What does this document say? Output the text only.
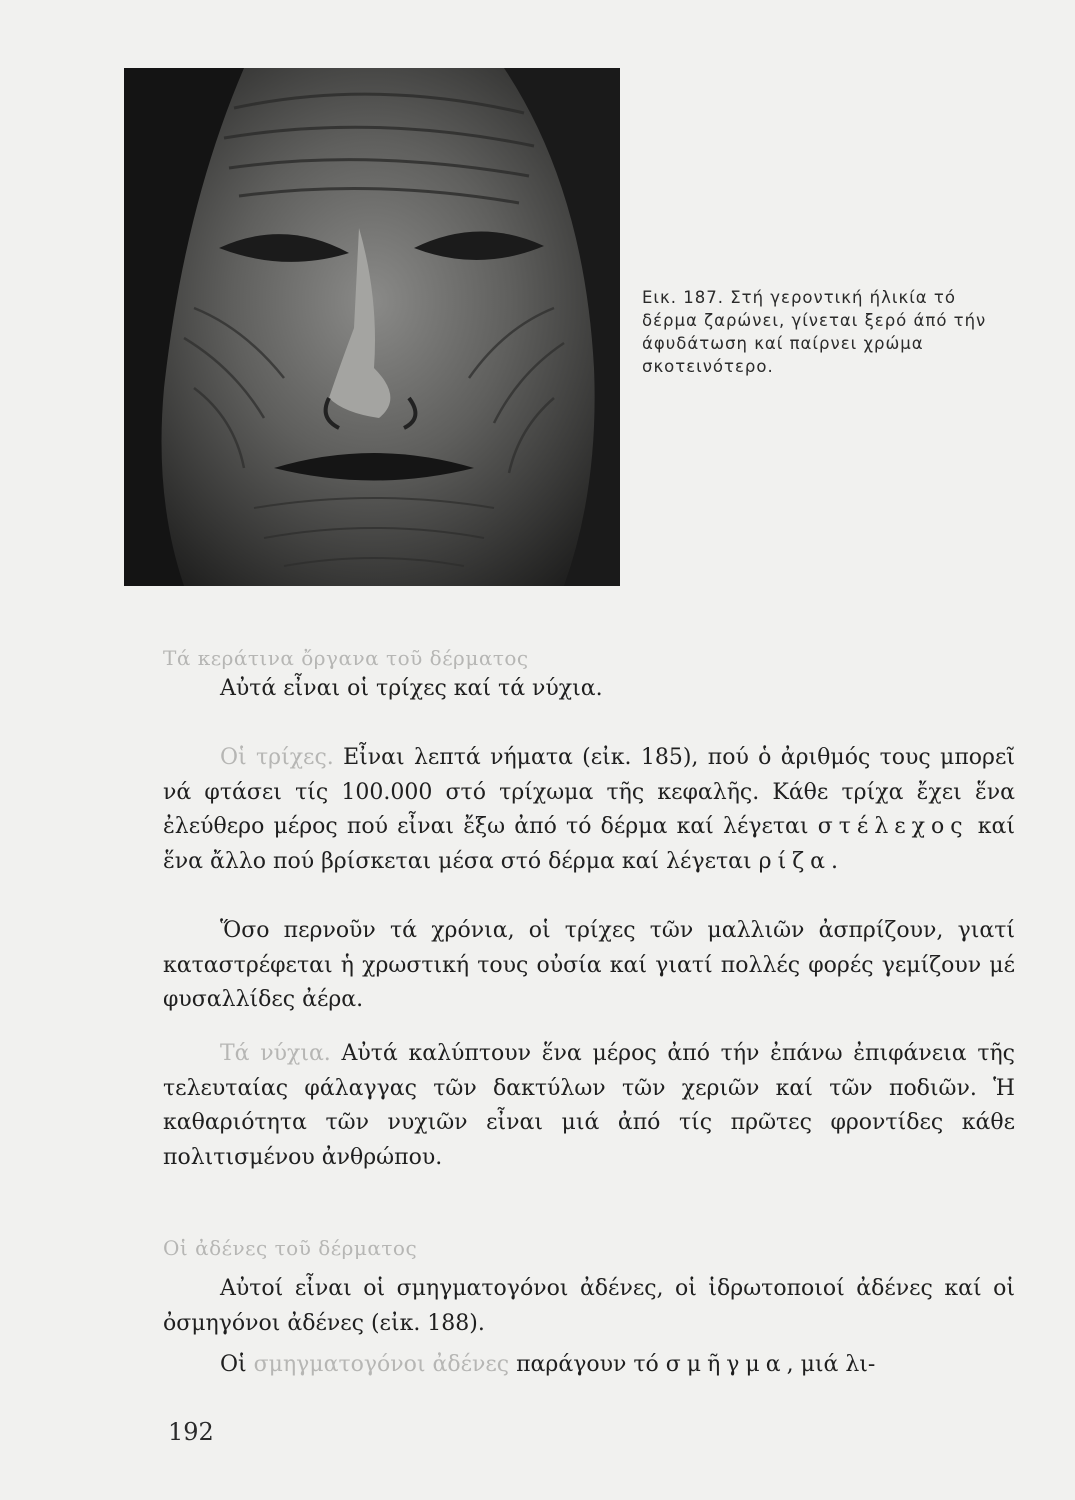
Εικ. 187. Στή γεροντική ήλικία τό δέρμα ζαρώνει, γίνεται ξερό άπό τήν άφυδάτωση καί παίρνει χρώμα σκοτεινότερο.
Τά κεράτινα ὄργανα τοῦ δέρματος

Αὐτά εἶναι οἱ τρίχες καί τά νύχια.

Οἱ τρίχες. Εἶναι λεπτά νήματα (εἰκ. 185), πού ὁ ἀριθμός τους μπορεῖ νά φτάσει τίς 100.000 στό τρίχωμα τῆς κεφαλῆς. Κάθε τρίχα ἔχει ἕνα ἐλεύθερο μέρος πού εἶναι ἔξω ἀπό τό δέρμα καί λέγεται στέλεχος καί ἕνα ἄλλο πού βρίσκεται μέσα στό δέρμα καί λέγεται ρίζα.

Ὅσο περνοῦν τά χρόνια, οἱ τρίχες τῶν μαλλιῶν ἀσπρίζουν, γιατί καταστρέφεται ἡ χρωστική τους οὐσία καί γιατί πολλές φορές γεμίζουν μέ φυσαλλίδες ἀέρα.

Τά νύχια. Αὐτά καλύπτουν ἕνα μέρος ἀπό τήν ἐπάνω ἐπιφάνεια τῆς τελευταίας φάλαγγας τῶν δακτύλων τῶν χεριῶν καί τῶν ποδιῶν. Ἡ καθαριότητα τῶν νυχιῶν εἶναι μιά ἀπό τίς πρῶτες φροντίδες κάθε πολιτισμένου ἀνθρώπου.

Οἱ ἀδένες τοῦ δέρματος

Αὐτοί εἶναι οἱ σμηγματογόνοι ἀδένες, οἱ ἱδρωτοποιοί ἀδένες καί οἱ ὀσμηγόνοι ἀδένες (εἰκ. 188).

Οἱ σμηγματογόνοι ἀδένες παράγουν τό σμῆγμα, μιά λι-

192
